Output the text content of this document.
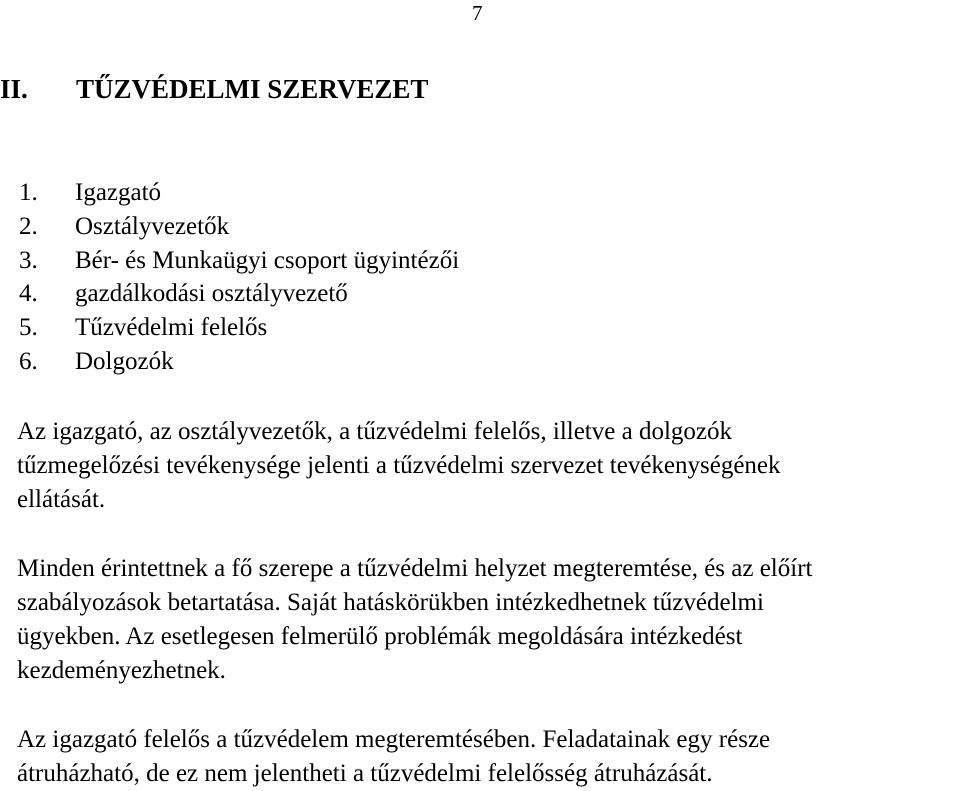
7
II. TŰZVÉDELMI SZERVEZET
1. Igazgató
2. Osztályvezetők
3. Bér- és Munkaügyi csoport ügyintézői
4. gazdálkodási osztályvezető
5. Tűzvédelmi felelős
6. Dolgozók

Az igazgató, az osztályvezetők, a tűzvédelmi felelős, illetve a dolgozók
tűzmegelőzési tevékenysége jelenti a tűzvédelmi szervezet tevékenységének
ellátását.

Minden érintettnek a fő szerepe a tűzvédelmi helyzet megteremtése, és az előírt
szabályozások betartatása. Saját hatáskörükben intézkedhetnek tűzvédelmi
ügyekben. Az esetlegesen felmerülő problémák megoldására intézkedést
kezdeményezhetnek.

Az igazgató felelős a tűzvédelem megteremtésében. Feladatainak egy része
átruházható, de ez nem jelentheti a tűzvédelmi felelősség átruházását.
